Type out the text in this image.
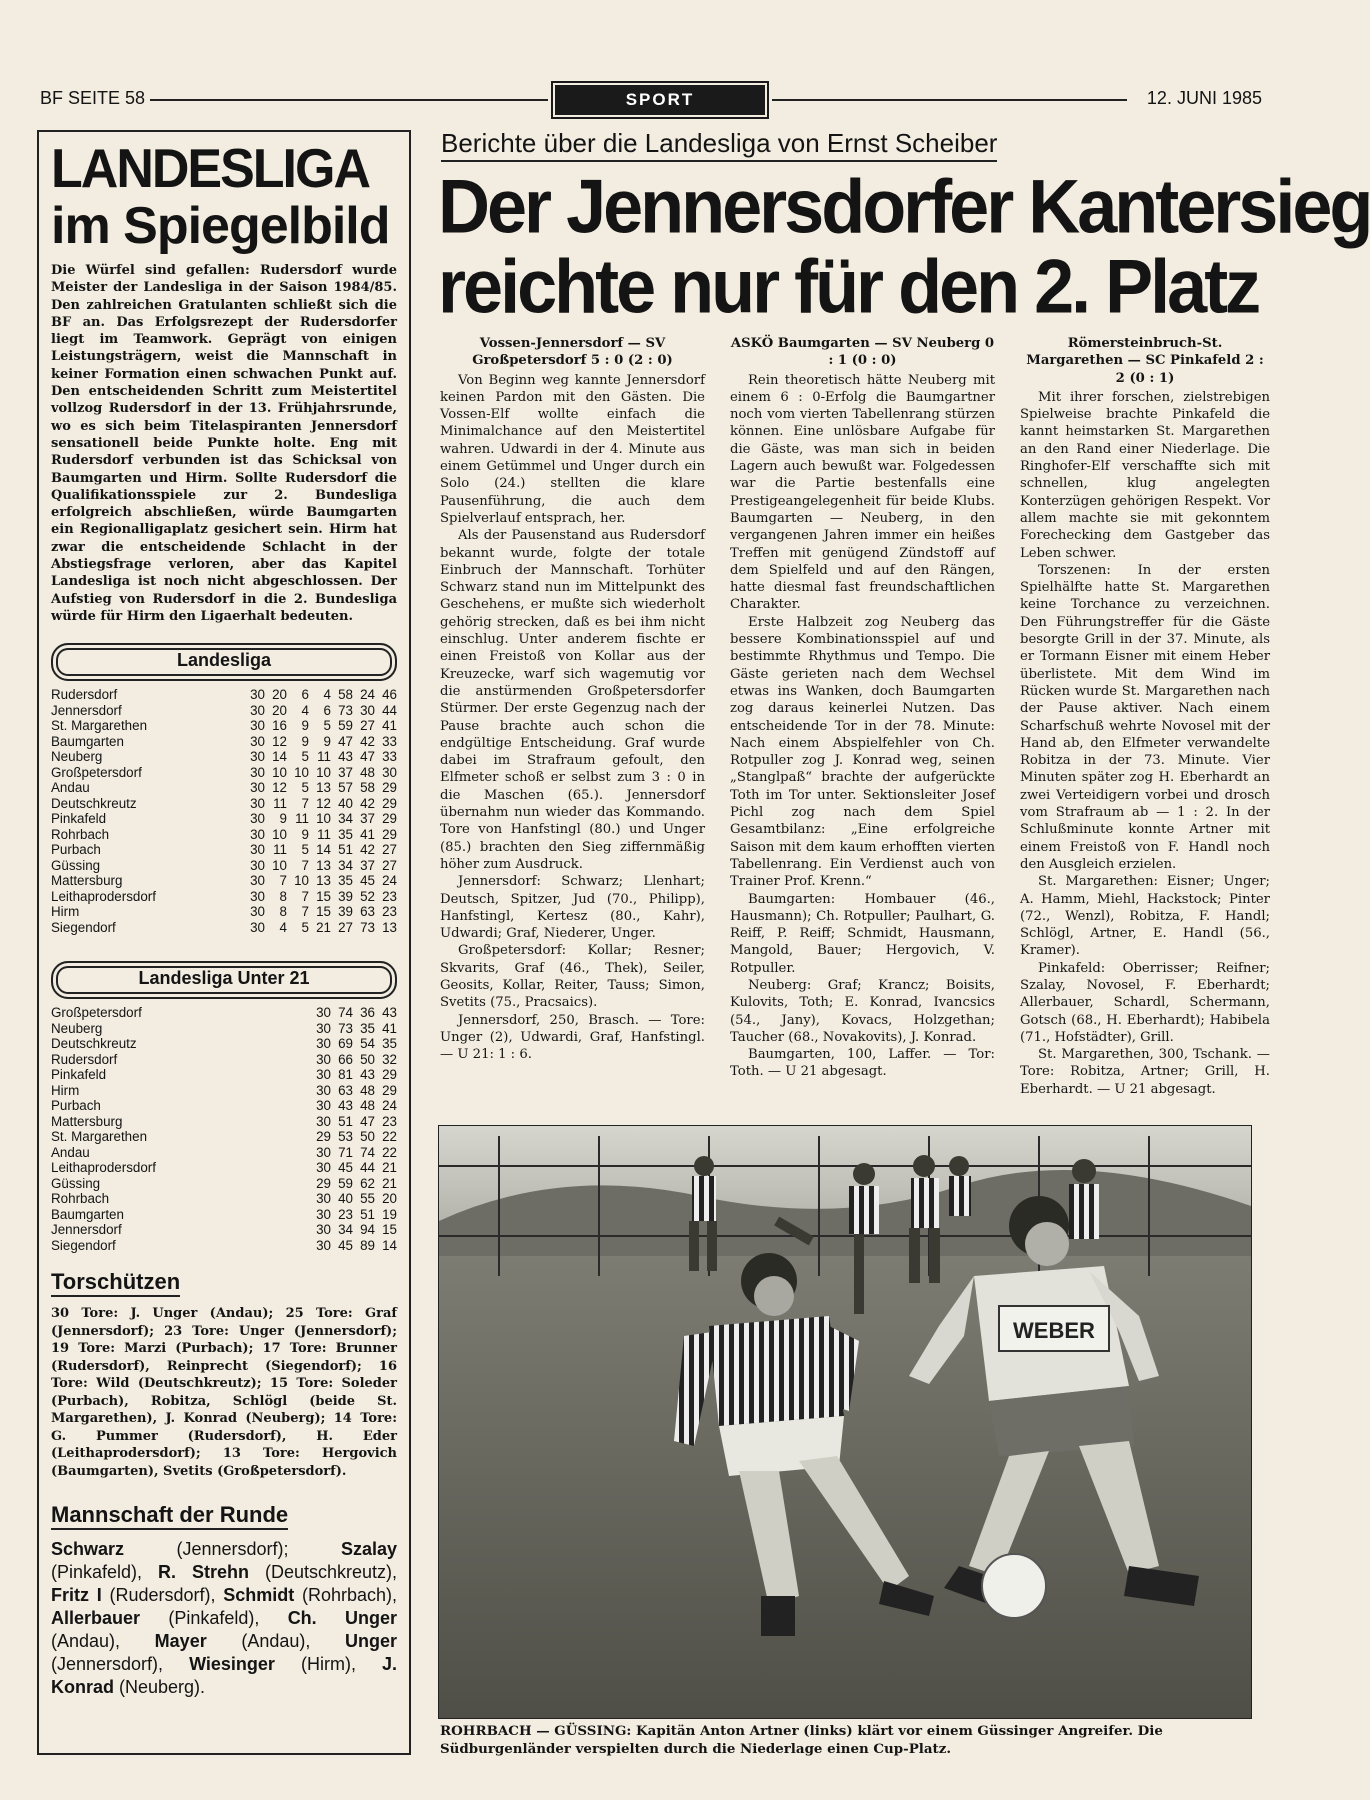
BF SEITE 58	SPORT	12. JUNI 1985
LANDESLIGA
im Spiegelbild
Die Würfel sind gefallen: Rudersdorf wurde Meister der Landesliga in der Saison 1984/85. Den zahlreichen Gratulanten schließt sich die BF an. Das Erfolgsrezept der Rudersdorfer liegt im Teamwork. Geprägt von einigen Leistungsträgern, weist die Mannschaft in keiner Formation einen schwachen Punkt auf. Den entscheidenden Schritt zum Meistertitel vollzog Rudersdorf in der 13. Frühjahrsrunde, wo es sich beim Titelaspiranten Jennersdorf sensationell beide Punkte holte. Eng mit Rudersdorf verbunden ist das Schicksal von Baumgarten und Hirm. Sollte Rudersdorf die Qualifikationsspiele zur 2. Bundesliga erfolgreich abschließen, würde Baumgarten ein Regionalligaplatz gesichert sein. Hirm hat zwar die entscheidende Schlacht in der Abstiegsfrage verloren, aber das Kapitel Landesliga ist noch nicht abgeschlossen. Der Aufstieg von Rudersdorf in die 2. Bundesliga würde für Hirm den Ligaerhalt bedeuten.
Landesliga
Rudersdorf	30	20	6	4	58	24	46
Jennersdorf	30	20	4	6	73	30	44
St. Margarethen	30	16	9	5	59	27	41
Baumgarten	30	12	9	9	47	42	33
Neuberg	30	14	5	11	43	47	33
Großpetersdorf	30	10	10	10	37	48	30
Andau	30	12	5	13	57	58	29
Deutschkreutz	30	11	7	12	40	42	29
Pinkafeld	30	9	11	10	34	37	29
Rohrbach	30	10	9	11	35	41	29
Purbach	30	11	5	14	51	42	27
Güssing	30	10	7	13	34	37	27
Mattersburg	30	7	10	13	35	45	24
Leithaprodersdorf	30	8	7	15	39	52	23
Hirm	30	8	7	15	39	63	23
Siegendorf	30	4	5	21	27	73	13
Landesliga Unter 21
Großpetersdorf	30	74	36	43
Neuberg	30	73	35	41
Deutschkreutz	30	69	54	35
Rudersdorf	30	66	50	32
Pinkafeld	30	81	43	29
Hirm	30	63	48	29
Purbach	30	43	48	24
Mattersburg	30	51	47	23
St. Margarethen	29	53	50	22
Andau	30	71	74	22
Leithaprodersdorf	30	45	44	21
Güssing	29	59	62	21
Rohrbach	30	40	55	20
Baumgarten	30	23	51	19
Jennersdorf	30	34	94	15
Siegendorf	30	45	89	14
Torschützen
30 Tore: J. Unger (Andau); 25 Tore: Graf (Jennersdorf); 23 Tore: Unger (Jennersdorf); 19 Tore: Marzi (Purbach); 17 Tore: Brunner (Rudersdorf), Reinprecht (Siegendorf); 16 Tore: Wild (Deutschkreutz); 15 Tore: Soleder (Purbach), Robitza, Schlögl (beide St. Margarethen), J. Konrad (Neuberg); 14 Tore: G. Pummer (Rudersdorf), H. Eder (Leithaprodersdorf); 13 Tore: Hergovich (Baumgarten), Svetits (Großpetersdorf).
Mannschaft der Runde
Schwarz (Jennersdorf); Szalay (Pinkafeld), R. Strehn (Deutschkreutz), Fritz I (Rudersdorf), Schmidt (Rohrbach), Allerbauer (Pinkafeld), Ch. Unger (Andau), Mayer (Andau), Unger (Jennersdorf), Wiesinger (Hirm), J. Konrad (Neuberg).
Berichte über die Landesliga von Ernst Scheiber
Der Jennersdorfer Kantersieg
reichte nur für den 2. Platz

Vossen-Jennersdorf — SV Großpetersdorf 5 : 0 (2 : 0)

Von Beginn weg kannte Jennersdorf keinen Pardon mit den Gästen. Die Vossen-Elf wollte einfach die Minimalchance auf den Meistertitel wahren. Udwardi in der 4. Minute aus einem Getümmel und Unger durch ein Solo (24.) stellten die klare Pausenführung, die auch dem Spielverlauf entsprach, her.

Als der Pausenstand aus Rudersdorf bekannt wurde, folgte der totale Einbruch der Mannschaft. Torhüter Schwarz stand nun im Mittelpunkt des Geschehens, er mußte sich wiederholt gehörig strecken, daß es bei ihm nicht einschlug. Unter anderem fischte er einen Freistoß von Kollar aus der Kreuzecke, warf sich wagemutig vor die anstürmenden Großpetersdorfer Stürmer. Der erste Gegenzug nach der Pause brachte auch schon die endgültige Entscheidung. Graf wurde dabei im Strafraum gefoult, den Elfmeter schoß er selbst zum 3 : 0 in die Maschen (65.). Jennersdorf übernahm nun wieder das Kommando. Tore von Hanfstingl (80.) und Unger (85.) brachten den Sieg ziffernmäßig höher zum Ausdruck.

Jennersdorf: Schwarz; Llenhart; Deutsch, Spitzer, Jud (70., Philipp), Hanfstingl, Kertesz (80., Kahr), Udwardi; Graf, Niederer, Unger.

Großpetersdorf: Kollar; Resner; Skvarits, Graf (46., Thek), Seiler, Geosits, Kollar, Reiter, Tauss; Simon, Svetits (75., Pracsaics).

Jennersdorf, 250, Brasch. — Tore: Unger (2), Udwardi, Graf, Hanfstingl. — U 21: 1 : 6.

ASKÖ Baumgarten — SV Neuberg 0 : 1 (0 : 0)

Rein theoretisch hätte Neuberg mit einem 6 : 0-Erfolg die Baumgartner noch vom vierten Tabellenrang stürzen können. Eine unlösbare Aufgabe für die Gäste, was man sich in beiden Lagern auch bewußt war. Folgedessen war die Partie bestenfalls eine Prestigeangelegenheit für beide Klubs. Baumgarten — Neuberg, in den vergangenen Jahren immer ein heißes Treffen mit genügend Zündstoff auf dem Spielfeld und auf den Rängen, hatte diesmal fast freundschaftlichen Charakter.

Erste Halbzeit zog Neuberg das bessere Kombinationsspiel auf und bestimmte Rhythmus und Tempo. Die Gäste gerieten nach dem Wechsel etwas ins Wanken, doch Baumgarten zog daraus keinerlei Nutzen. Das entscheidende Tor in der 78. Minute: Nach einem Abspielfehler von Ch. Rotpuller zog J. Konrad weg, seinen „Stanglpaß“ brachte der aufgerückte Toth im Tor unter. Sektionsleiter Josef Pichl zog nach dem Spiel Gesamtbilanz: „Eine erfolgreiche Saison mit dem kaum erhofften vierten Tabellenrang. Ein Verdienst auch von Trainer Prof. Krenn.“

Baumgarten: Hombauer (46., Hausmann); Ch. Rotpuller; Paulhart, G. Reiff, P. Reiff; Schmidt, Hausmann, Mangold, Bauer; Hergovich, V. Rotpuller.

Neuberg: Graf; Krancz; Boisits, Kulovits, Toth; E. Konrad, Ivancsics (54., Jany), Kovacs, Holzgethan; Taucher (68., Novakovits), J. Konrad.

Baumgarten, 100, Laffer. — Tor: Toth. — U 21 abgesagt.

Römersteinbruch-St. Margarethen — SC Pinkafeld 2 : 2 (0 : 1)

Mit ihrer forschen, zielstrebigen Spielweise brachte Pinkafeld die kannt heimstarken St. Margarethen an den Rand einer Niederlage. Die Ringhofer-Elf verschaffte sich mit schnellen, klug angelegten Konterzügen gehörigen Respekt. Vor allem machte sie mit gekonntem Forechecking dem Gastgeber das Leben schwer.

Torszenen: In der ersten Spielhälfte hatte St. Margarethen keine Torchance zu verzeichnen. Den Führungstreffer für die Gäste besorgte Grill in der 37. Minute, als er Tormann Eisner mit einem Heber überlistete. Mit dem Wind im Rücken wurde St. Margarethen nach der Pause aktiver. Nach einem Scharfschuß wehrte Novosel mit der Hand ab, den Elfmeter verwandelte Robitza in der 73. Minute. Vier Minuten später zog H. Eberhardt an zwei Verteidigern vorbei und drosch vom Strafraum ab — 1 : 2. In der Schlußminute konnte Artner mit einem Freistoß von F. Handl noch den Ausgleich erzielen.

St. Margarethen: Eisner; Unger; A. Hamm, Miehl, Hackstock; Pinter (72., Wenzl), Robitza, F. Handl; Schlögl, Artner, E. Handl (56., Kramer).

Pinkafeld: Oberrisser; Reifner; Szalay, Novosel, F. Eberhardt; Allerbauer, Schardl, Schermann, Gotsch (68., H. Eberhardt); Habibela (71., Hofstädter), Grill.

St. Margarethen, 300, Tschank. — Tore: Robitza, Artner; Grill, H. Eberhardt. — U 21 abgesagt.

WEBER
ROHRBACH — GÜSSING: Kapitän Anton Artner (links) klärt vor einem Güssinger Angreifer. Die Südburgenländer verspielten durch die Niederlage einen Cup-Platz.
